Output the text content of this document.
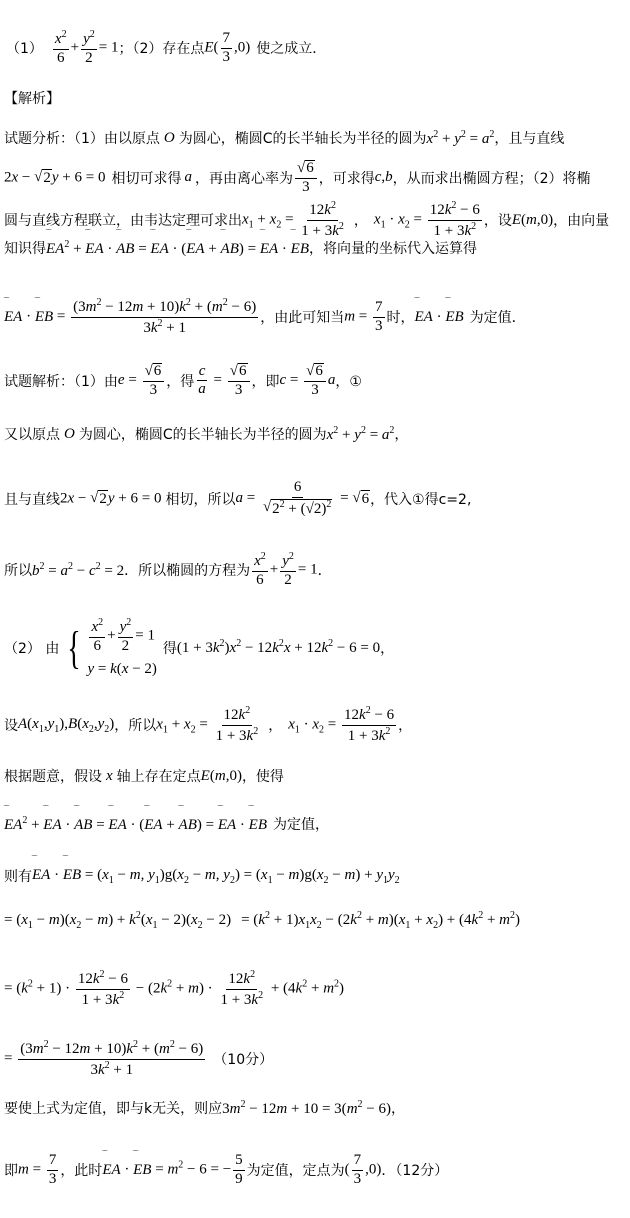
$(1) \frac{x^2}{6} + \frac{y^2}{2} = 1$ ；（2）存在点 $E( \frac{7}{3} ,0)$ 使之成立．
【解析】
试题分析：（1）由以原点 O 为圆心，椭圆C的长半轴长为半径的圆为 $x^2 + y^2 = a^2$ ，且与直线
2x − √ 2 y + 6 = 0 相切可求得 a ，再由离心率为 $\frac{√ 6}{3}$ ，可求得 c , b ，从而求出椭圆方程；（2）将椭
圆与直线方程联立，由韦达定理可求出 $x_1 + x_2 = \frac{12k^2}{1 + 3k^2}$ ， $x_1 \cdot x_2 = \frac{12k^2 - 6}{1 + 3k^2}$ ，设 E(m,0) ，由向量
知识得 ‾‾ $EA^2$ + ‾‾ EA · ‾‾ AB = ‾‾ EA · (‾‾ EA + ‾‾ AB) = ‾‾ EA · ‾‾ EB ，将向量的坐标代入运算得
‾‾ EA · ‾‾ EB = $\frac{(3m^2 - 12m + 10)k^2 + (m^2 - 6)}{3k^2 + 1}$ ，由此可知当 $m = \frac{7}{3}$ 时， ‾‾ EA · ‾‾ EB 为定值．
试题解析：（1）由 $e = \frac{√ 6}{3}$ ，得 $\frac{c}{a} = \frac{√ 6}{3}$ ，即 $c = \frac{√ 6}{3}$ a ，①
又以原点 O 为圆心，椭圆C的长半轴长为半径的圆为 $x^2 + y^2 = a^2$ ，
且与直线 2x − √ 2 y + 6 = 0 相切，所以 $a = \frac{6}{√ 2^2 + (√2)^2}$ = √ 6 ，代入①得c=2,
所以 $b^2 = a^2 - c^2 = 2$ ．所以椭圆的方程为 $\frac{x^2}{6} + \frac{y^2}{2} = 1$ ．
（2） 由 { $\frac{x^2}{6} + \frac{y^2}{2} = 1$
y = k(x − 2)
得 $(1 + 3k^2)x^2 - 12k^2x + 12k^2 - 6 = 0$ ，
设 $A(x_1,y_1),B(x_2,y_2)$ ，所以 $x_1 + x_2 = \frac{12k^2}{1 + 3k^2}$ ， $x_1 \cdot x_2 = \frac{12k^2 - 6}{1 + 3k^2}$ ，
根据题意，假设 x 轴上存在定点 E(m,0) ，使得
‾‾ $EA^2$ + ‾‾ EA · ‾‾ AB = ‾‾ EA · (‾‾ EA + ‾‾ AB) = ‾‾ EA · ‾‾ EB 为定值，
则有 ‾‾ EA · ‾‾ EB = ($x_1 - m$, $y_1)g(x_2 - m$, $y_2) = (x_1 - m)g(x_2 - m) + y_1y_2$
= $(x_1 - m)(x_2 - m) + k^2(x_1 - 2)(x_2 - 2) = (k^2 + 1)x_1x_2 - (2k^2 + m)(x_1 + x_2) + (4k^2 + m^2)$
= $(k^2 + 1) \cdot \frac{12k^2 - 6}{1 + 3k^2} - (2k^2 + m) \cdot \frac{12k^2}{1 + 3k^2} + (4k^2 + m^2)$
= $\frac{(3m^2 - 12m + 10)k^2 + (m^2 - 6)}{3k^2 + 1} (10$分）
要使上式为定值，即与k无关，则应 $3m^2 - 12m + 10 = 3(m^2 - 6)$ ，
即 $m = \frac{7}{3}$ ，此时 ‾‾ EA · ‾‾ EB = $m^2 - 6$ = − $\frac{5}{9}$ 为定值，定点为 ( $\frac{7}{3} ,0$) ．（12分）
